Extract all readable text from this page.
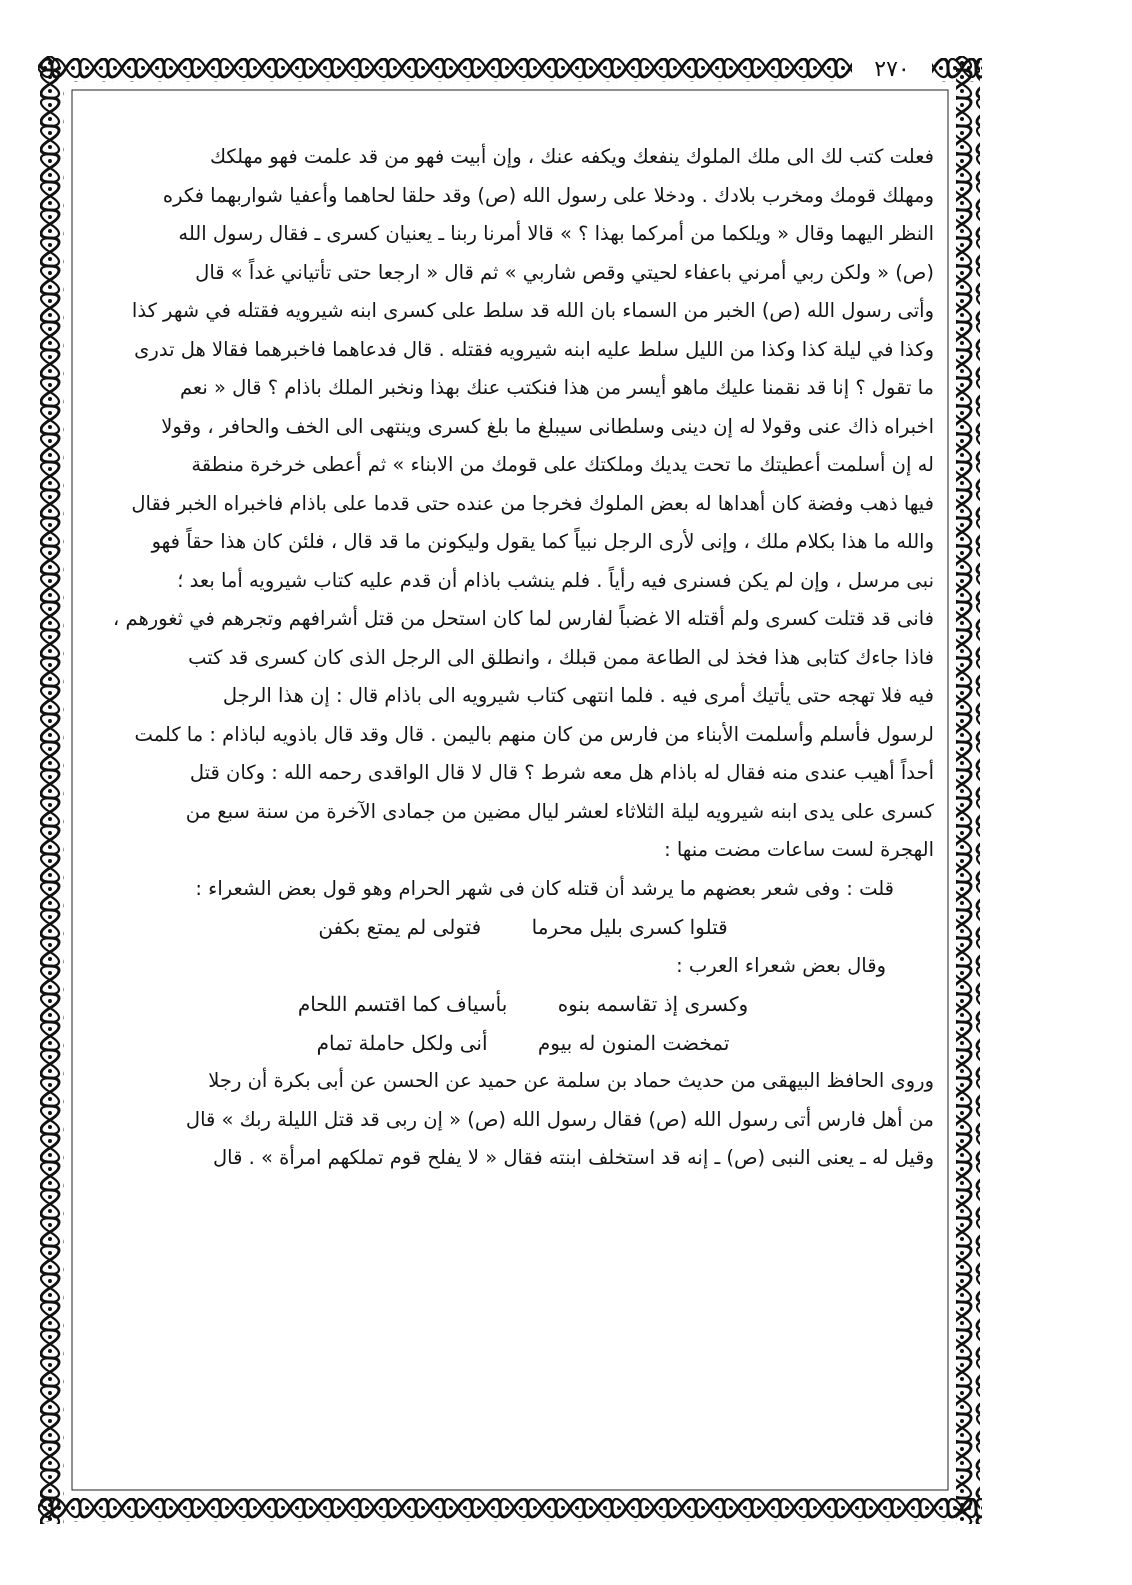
٢٧٠
فعلت كتب لك الى ملك الملوك ينفعك ويكفه عنك ، وإن أبيت فهو من قد علمت فهو مهلكك
ومهلك قومك ومخرب بلادك . ودخلا على رسول الله (ص) وقد حلقا لحاهما وأعفيا شواربهما فكره
النظر اليهما وقال « ويلكما من أمركما بهذا ؟ » قالا أمرنا ربنا ـ يعنيان كسرى ـ فقال رسول الله
(ص) « ولكن ربي أمرني باعفاء لحيتي وقص شاربي » ثم قال « ارجعا حتى تأتياني غداً » قال
وأتى رسول الله (ص) الخبر من السماء بان الله قد سلط على كسرى ابنه شيرويه فقتله في شهر كذا
وكذا في ليلة كذا وكذا من الليل سلط عليه ابنه شيرويه فقتله . قال فدعاهما فاخبرهما فقالا هل تدرى
ما تقول ؟ إنا قد نقمنا عليك ماهو أيسر من هذا فنكتب عنك بهذا ونخبر الملك باذام ؟ قال « نعم
اخبراه ذاك عنى وقولا له إن دينى وسلطانى سيبلغ ما بلغ كسرى وينتهى الى الخف والحافر ، وقولا
له إن أسلمت أعطيتك ما تحت يديك وملكتك على قومك من الابناء » ثم أعطى خرخرة منطقة
فيها ذهب وفضة كان أهداها له بعض الملوك فخرجا من عنده حتى قدما على باذام فاخبراه الخبر فقال
والله ما هذا بكلام ملك ، وإنى لأرى الرجل نبياً كما يقول وليكونن ما قد قال ، فلئن كان هذا حقاً فهو
نبى مرسل ، وإن لم يكن فسنرى فيه رأياً . فلم ينشب باذام أن قدم عليه كتاب شيرويه أما بعد ؛
فانى قد قتلت كسرى ولم أقتله الا غضباً لفارس لما كان استحل من قتل أشرافهم وتجرهم في ثغورهم ،
فاذا جاءك كتابى هذا فخذ لى الطاعة ممن قبلك ، وانطلق الى الرجل الذى كان كسرى قد كتب
فيه فلا تهجه حتى يأتيك أمرى فيه . فلما انتهى كتاب شيرويه الى باذام قال : إن هذا الرجل
لرسول فأسلم وأسلمت الأبناء من فارس من كان منهم باليمن . قال وقد قال باذويه لباذام : ما كلمت
أحداً أهيب عندى منه فقال له باذام هل معه شرط ؟ قال لا قال الواقدى رحمه الله : وكان قتل
كسرى على يدى ابنه شيرويه ليلة الثلاثاء لعشر ليال مضين من جمادى الآخرة من سنة سبع من
الهجرة لست ساعات مضت منها :
قلت : وفى شعر بعضهم ما يرشد أن قتله كان فى شهر الحرام وهو قول بعض الشعراء :
قتلوا كسرى بليل محرما فتولى لم يمتع بكفن
وقال بعض شعراء العرب :
وكسرى إذ تقاسمه بنوه بأسياف كما اقتسم اللحام
تمخضت المنون له بيوم أنى ولكل حاملة تمام
وروى الحافظ البيهقى من حديث حماد بن سلمة عن حميد عن الحسن عن أبى بكرة أن رجلا
من أهل فارس أتى رسول الله (ص) فقال رسول الله (ص) « إن ربى قد قتل الليلة ربك » قال
وقيل له ـ يعنى النبى (ص) ـ إنه قد استخلف ابنته فقال « لا يفلح قوم تملكهم امرأة » . قال
